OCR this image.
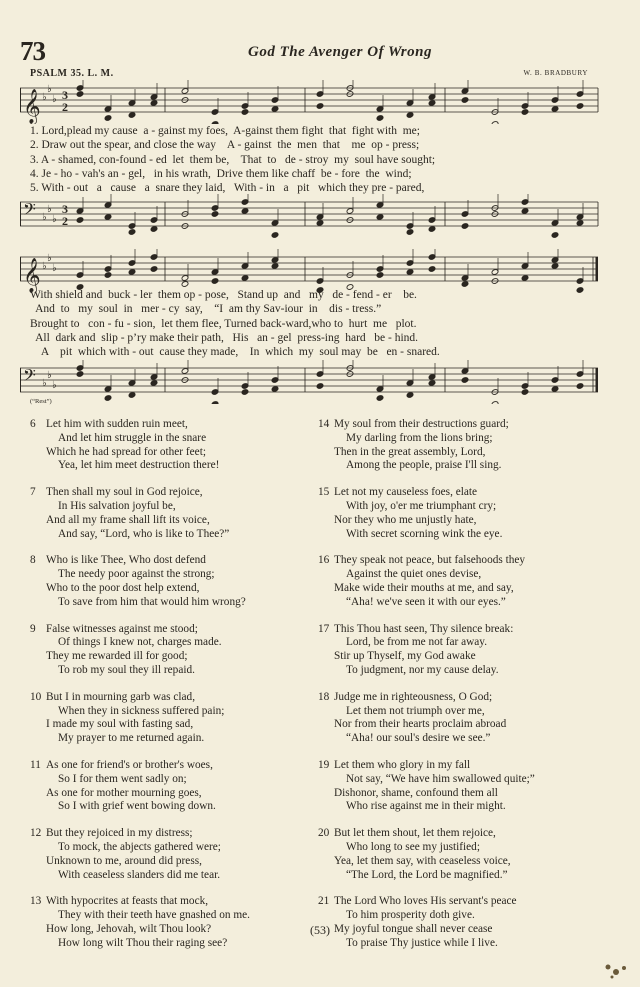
73	God The Avenger Of Wrong
PSALM 35. L. M.	W. B. BRADBURY
𝄞 ♭
♭
♭ 3
2
1. Lord,plead my cause  a - gainst my foes,  A-gainst them fight  that  fight with  me;
2. Draw out the spear, and close the way    A - gainst  the  men  that    me  op - press;
3. A - shamed, con-found - ed  let  them be,    That  to   de - stroy  my  soul have sought;
4. Je - ho - vah's an - gel,   in his wrath,  Drive them like chaff  be - fore  the  wind;
5. With - out   a   cause   a  snare they laid,   With - in   a   pit   which they pre - pared,
𝄢 ♭
♭
♭
3
2
𝄞 ♭
♭
♭
With shield and  buck - ler  them op - pose,   Stand up  and   my   de - fend - er    be.
And  to   my  soul  in   mer - cy  say,    “I  am thy Sav-iour  in    dis - tress.”
Brought to   con - fu - sion,  let them flee, Turned back-ward,who to  hurt  me   plot.
All  dark and  slip - p’ry make their path,   His   an - gel  press-ing  hard   be - hind.
A    pit  which with - out  cause they made,    In  which  my  soul may  be   en - snared.
𝄢 ♭
♭
♭
(“Rest”)
6 Let him with sudden ruin meet,
And let him struggle in the snare
Which he had spread for other feet;
Yea, let him meet destruction there!
7 Then shall my soul in God rejoice,
In His salvation joyful be,
And all my frame shall lift its voice,
And say, “Lord, who is like to Thee?”
8 Who is like Thee, Who dost defend
The needy poor against the strong;
Who to the poor dost help extend,
To save from him that would him wrong?
9 False witnesses against me stood;
Of things I knew not, charges made.
They me rewarded ill for good;
To rob my soul they ill repaid.
10 But I in mourning garb was clad,
When they in sickness suffered pain;
I made my soul with fasting sad,
My prayer to me returned again.
11 As one for friend's or brother's woes,
So I for them went sadly on;
As one for mother mourning goes,
So I with grief went bowing down.
12 But they rejoiced in my distress;
To mock, the abjects gathered were;
Unknown to me, around did press,
With ceaseless slanders did me tear.
13 With hypocrites at feasts that mock,
They with their teeth have gnashed on me.
How long, Jehovah, wilt Thou look?
How long wilt Thou their raging see?
14 My soul from their destructions guard;
My darling from the lions bring;
Then in the great assembly, Lord,
Among the people, praise I'll sing.
15 Let not my causeless foes, elate
With joy, o'er me triumphant cry;
Nor they who me unjustly hate,
With secret scorning wink the eye.
16 They speak not peace, but falsehoods they
Against the quiet ones devise,
Make wide their mouths at me, and say,
“Aha! we've seen it with our eyes.”
17 This Thou hast seen, Thy silence break:
Lord, be from me not far away.
Stir up Thyself, my God awake
To judgment, nor my cause delay.
18 Judge me in righteousness, O God;
Let them not triumph over me,
Nor from their hearts proclaim abroad
“Aha! our soul's desire we see.”
19 Let them who glory in my fall
Not say, “We have him swallowed quite;”
Dishonor, shame, confound them all
Who rise against me in their might.
20 But let them shout, let them rejoice,
Who long to see my justified;
Yea, let them say, with ceaseless voice,
“The Lord, the Lord be magnified.”
21 The Lord Who loves His servant's peace
To him prosperity doth give.
My joyful tongue shall never cease
To praise Thy justice while I live.
(53)
